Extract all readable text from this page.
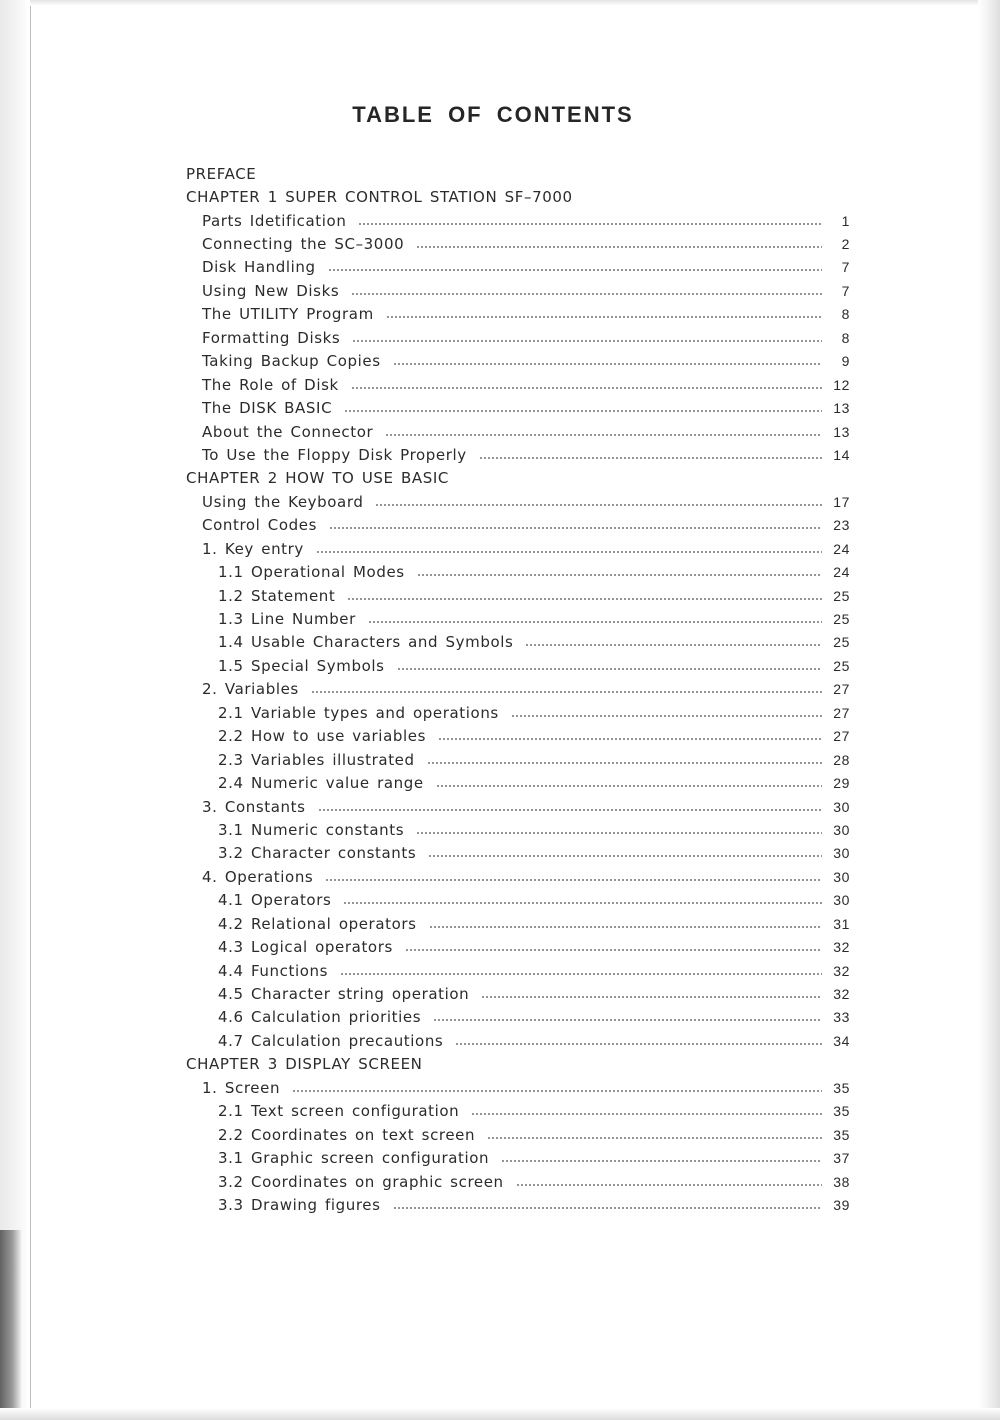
TABLE OF CONTENTS
PREFACE
CHAPTER 1 SUPER CONTROL STATION SF–7000
Parts Idetification	1
Connecting the SC–3000	2
Disk Handling	7
Using New Disks	7
The UTILITY Program	8
Formatting Disks	8
Taking Backup Copies	9
The Role of Disk	12
The DISK BASIC	13
About the Connector	13
To Use the Floppy Disk Properly	14
CHAPTER 2 HOW TO USE BASIC
Using the Keyboard	17
Control Codes	23
1. Key entry	24
1.1 Operational Modes	24
1.2 Statement	25
1.3 Line Number	25
1.4 Usable Characters and Symbols	25
1.5 Special Symbols	25
2. Variables	27
2.1 Variable types and operations	27
2.2 How to use variables	27
2.3 Variables illustrated	28
2.4 Numeric value range	29
3. Constants	30
3.1 Numeric constants	30
3.2 Character constants	30
4. Operations	30
4.1 Operators	30
4.2 Relational operators	31
4.3 Logical operators	32
4.4 Functions	32
4.5 Character string operation	32
4.6 Calculation priorities	33
4.7 Calculation precautions	34
CHAPTER 3 DISPLAY SCREEN
1. Screen	35
2.1 Text screen configuration	35
2.2 Coordinates on text screen	35
3.1 Graphic screen configuration	37
3.2 Coordinates on graphic screen	38
3.3 Drawing figures	39
